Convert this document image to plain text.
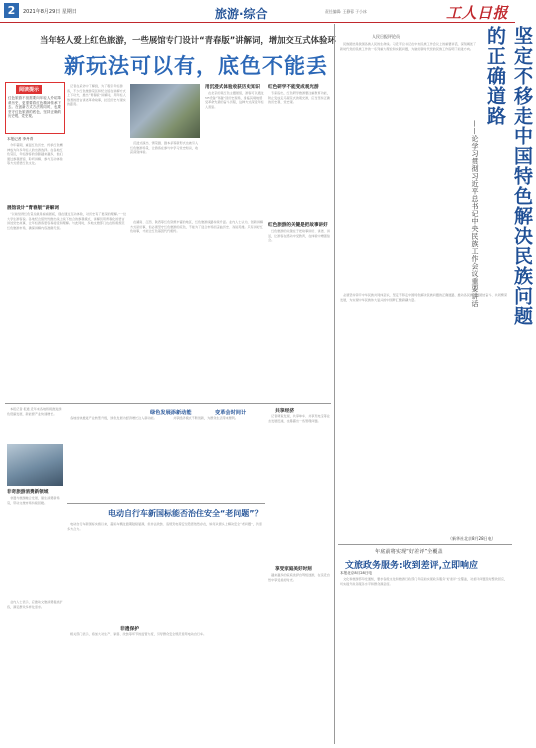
2	2021年8月29日 星期日	旅游·综合	责任编辑: 王静蓉 于小冰	工人日报
当年轻人爱上红色旅游，一些展馆专门设计“青春版”讲解词，增加交互式体验环
新玩法可以有，底色不能丢
阅读提示
红色旅游不但需要向年轻人介绍革命历史，更需要将红色精神传承下去。在创新方式方法的同时，也要坚守红色旅游的底色，坚持正确的历史观、党史观。
本报记者 李丹青
　今年暑期，重温红色历史、传承红色精神成为许多年轻人的出游选择。在各地红色景区，年轻游客的身影越来越多，他们通过参观展馆、聆听讲解、参与互动体验等方式感悟红色文化。
展馆设计“青春版”讲解词
　记者在采访中了解到，为了吸引年轻游客，不少红色旅游景区和纪念馆在讲解方式上下功夫，推出“青春版”讲解词，用年轻人熟悉的语言讲述革命故事，拉近历史与现实的距离。
　沉浸式演出、情景剧、剧本杀等新形式也被引入红色旅游场景，让游客在参与中学习党史知识，收获深刻体验。
用沉浸式体验收获历史知识
　在北京的某红色主题展馆，游客可以通过VR设备“穿越”回历史现场，身临其境地感受革命先辈的奋斗历程，这种方式深受年轻人喜爱。
红色研学不能变成观光游
　专家指出，红色研学旅游要注重教育功能，防止变成走马观花式的观光游，应当坚持正确的历史观、党史观。
　“以前觉得红色景点就是看看展板，现在通过互动体验，对历史有了更深的理解。”一位大学生游客说。各地纪念馆纷纷推出线上线下结合的参观模式，讲解员用青春化的语言讲述党史故事，让年轻游客更容易接受和理解。与此同时，多地文旅部门也在积极规范红色旅游市场，确保讲解内容准确无误。
　在湖南、江西、陕西等红色资源丰富的地区，红色旅游线路持续升温。业内人士认为，创新讲解方式是好事，但必须坚守红色旅游的底色，不能为了迎合市场而歪曲历史、戏说英雄。只有讲好红色故事，才能让红色基因代代相传。
红色旅游的关键是把故事讲好
　红色旅游的关键在于把故事讲好、讲透、讲活，让游客在感动中受教育，在体验中增强信念。
　本报记者 报道 近年来各地积极推进绿色低碳发展，新能源产业快速增长。
非奇旅游消费新领域
　非遗与旅游融合发展，催生消费新场景，带动文旅市场持续回暖。
绿色发展添新动能
　各地加快推进产业转型升级，绿色发展为经济增长注入新动能。
变革会时间计
　共享经济模式不断创新，为群众生活带来便利。
共享经济
　记者调查发现，共享单车、共享充电宝等业态发展迅速，也暴露出一些管理问题。
电动自行车新国标能否治住安全“老问题”？
　电动自行车新国标实施以来，超标车辆过渡期陆续届满，但非法改装、违规充电等安全隐患依然存在，如何从源头上解决安全“老问题”，仍需多方合力。
非遗保护
　相关部门表示，将加大对生产、销售、改装等环节的监管力度，引导群众安全规范使用电动自行车。
享受家庭美好时刻
　越来越多的家庭选择自驾短途游，在亲近自然中享受美好时光。
　业内人士表示，应推动文旅消费提质扩容，满足群众多样化需求。
人民日报评论员
　民族团结是我国各族人民的生命线。习近平总书记在中央民族工作会议上的重要讲话，深刻阐述了新时代党的民族工作的一系列重大理论和实践问题，为做好新时代党的民族工作指明了前进方向。	坚定不移走中国特色解决民族问题的正确道路
——论学习贯彻习近平总书记中央民族工作会议重要讲话
　必须坚持铸牢中华民族共同体意识，坚定不移走中国特色解决民族问题的正确道路，推动各民族共同团结奋斗、共同繁荣发展，为实现中华民族伟大复兴的中国梦汇聚磅礴力量。
（新华社北京8月28日电）
年底前将实现“好差评”全覆盖
文旅政务服务:收到差评,立即响应
本报北京8月28日电
　文化和旅游部印发通知，要求各级文化和旅游行政部门年底前实现政务服务“好差评”全覆盖，对差评问题及时整改回应，切实提升政务服务水平和群众满意度。
